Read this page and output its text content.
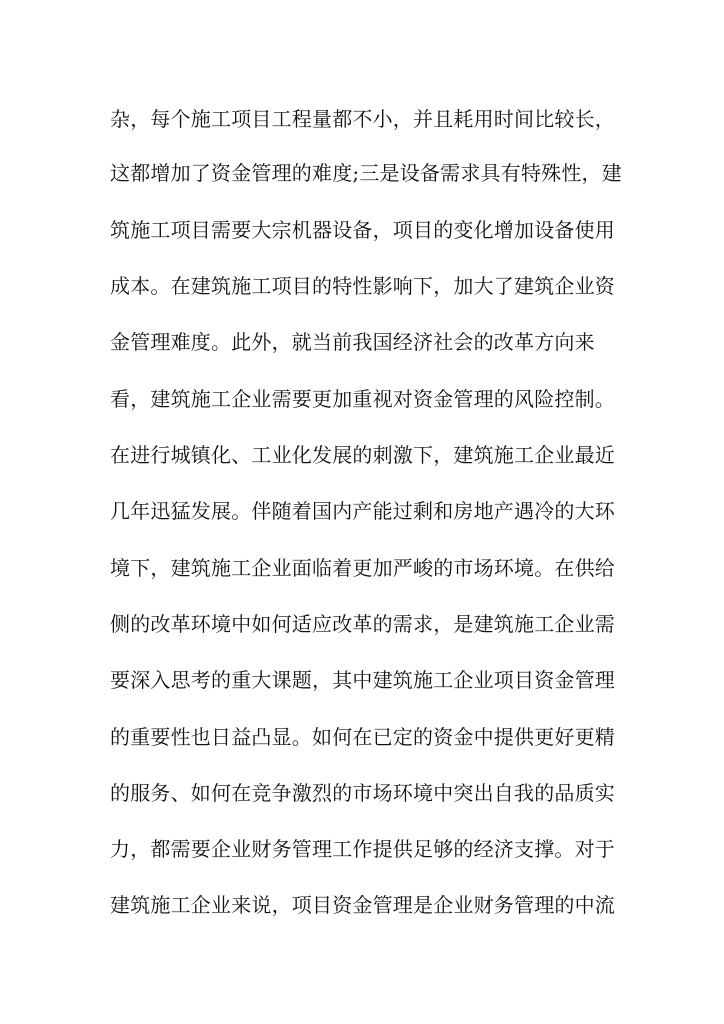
杂，每个施工项目工程量都不小，并且耗用时间比较长，
这都增加了资金管理的难度;三是设备需求具有特殊性，建
筑施工项目需要大宗机器设备，项目的变化增加设备使用
成本。在建筑施工项目的特性影响下，加大了建筑企业资
金管理难度。此外，就当前我国经济社会的改革方向来
看，建筑施工企业需要更加重视对资金管理的风险控制。
在进行城镇化、工业化发展的刺激下，建筑施工企业最近
几年迅猛发展。伴随着国内产能过剩和房地产遇冷的大环
境下，建筑施工企业面临着更加严峻的市场环境。在供给
侧的改革环境中如何适应改革的需求，是建筑施工企业需
要深入思考的重大课题，其中建筑施工企业项目资金管理
的重要性也日益凸显。如何在已定的资金中提供更好更精
的服务、如何在竞争激烈的市场环境中突出自我的品质实
力，都需要企业财务管理工作提供足够的经济支撑。对于
建筑施工企业来说，项目资金管理是企业财务管理的中流
